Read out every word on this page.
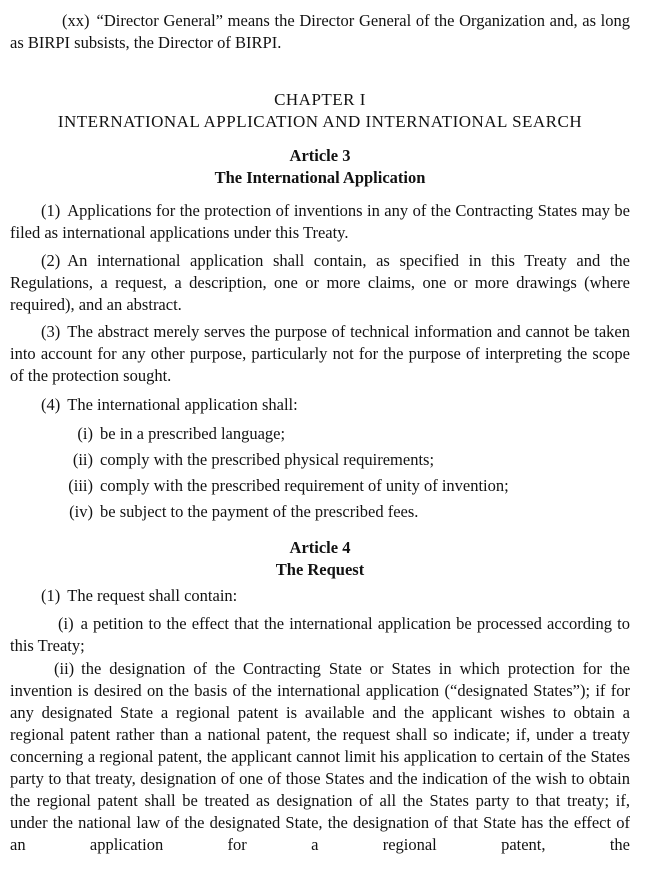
(xx) “Director General” means the Director General of the Organization and, as long as BIRPI subsists, the Director of BIRPI.

CHAPTER I
INTERNATIONAL APPLICATION AND INTERNATIONAL SEARCH
Article 3
The International Application

(1) Applications for the protection of inventions in any of the Contracting States may be filed as international applications under this Treaty.

(2) An international application shall contain, as specified in this Treaty and the Regulations, a request, a description, one or more claims, one or more drawings (where required), and an abstract.

(3) The abstract merely serves the purpose of technical information and cannot be taken into account for any other purpose, particularly not for the purpose of interpreting the scope of the protection sought.

(4) The international application shall:

(i) be in a prescribed language;
(ii) comply with the prescribed physical requirements;
(iii) comply with the prescribed requirement of unity of invention;
(iv) be subject to the payment of the prescribed fees.
Article 4
The Request

(1) The request shall contain:

(i) a petition to the effect that the international application be processed according to this Treaty;

(ii) the designation of the Contracting State or States in which protection for the invention is desired on the basis of the international application (“designated States”); if for any designated State a regional patent is available and the applicant wishes to obtain a regional patent rather than a national patent, the request shall so indicate; if, under a treaty concerning a regional patent, the applicant cannot limit his application to certain of the States party to that treaty, designation of one of those States and the indication of the wish to obtain the regional patent shall be treated as designation of all the States party to that treaty; if, under the national law of the designated State, the designation of that State has the effect of an application for a regional patent, the
